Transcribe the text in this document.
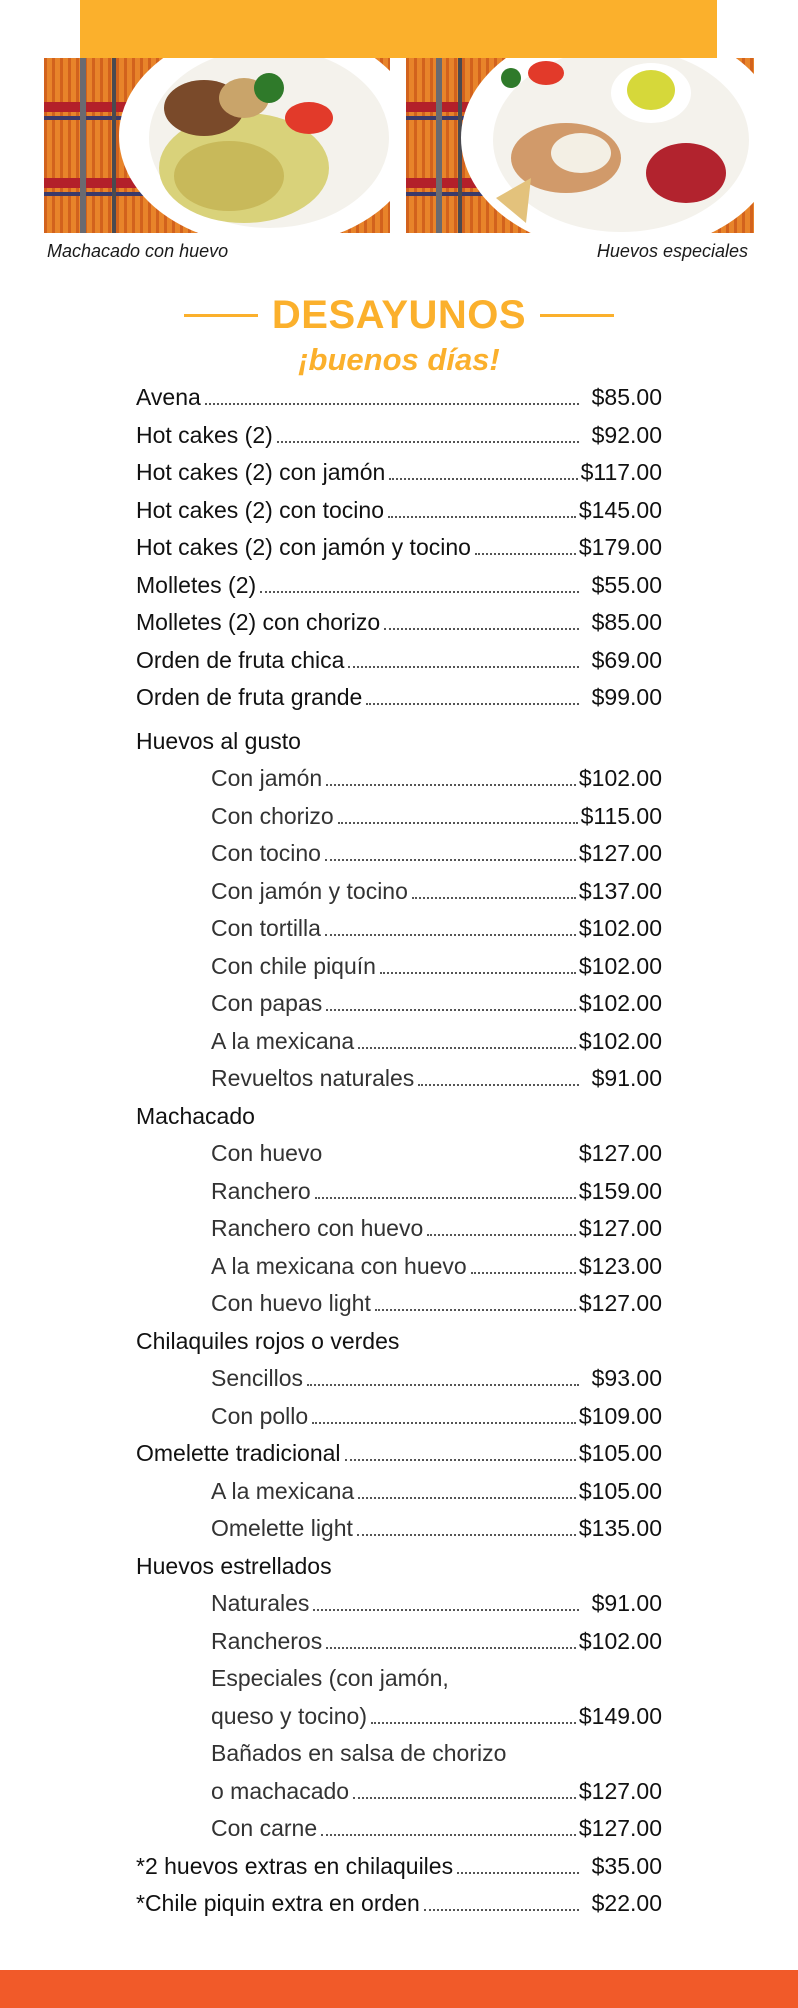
Machacado con huevo	Huevos especiales
DESAYUNOS
¡buenos días!
Avena	$85.00
Hot cakes (2)	$92.00
Hot cakes (2) con jamón	$117.00
Hot cakes (2) con tocino	$145.00
Hot cakes (2) con jamón y tocino	$179.00
Molletes (2)	$55.00
Molletes (2) con chorizo	$85.00
Orden de fruta chica	$69.00
Orden de fruta grande	$99.00
Huevos al gusto
Con jamón	$102.00
Con chorizo	$115.00
Con tocino	$127.00
Con jamón y tocino	$137.00
Con tortilla	$102.00
Con chile piquín	$102.00
Con papas	$102.00
A la mexicana	$102.00
Revueltos naturales	$91.00
Machacado
Con huevo	$127.00
Ranchero	$159.00
Ranchero con huevo	$127.00
A la mexicana con huevo	$123.00
Con huevo light	$127.00
Chilaquiles rojos o verdes
Sencillos	$93.00
Con pollo	$109.00
Omelette tradicional	$105.00
A la mexicana	$105.00
Omelette light	$135.00
Huevos estrellados
Naturales	$91.00
Rancheros	$102.00
Especiales (con jamón,
queso y tocino)	$149.00
Bañados en salsa de chorizo
o machacado	$127.00
Con carne	$127.00
*2 huevos extras en chilaquiles	$35.00
*Chile piquin extra en orden	$22.00
